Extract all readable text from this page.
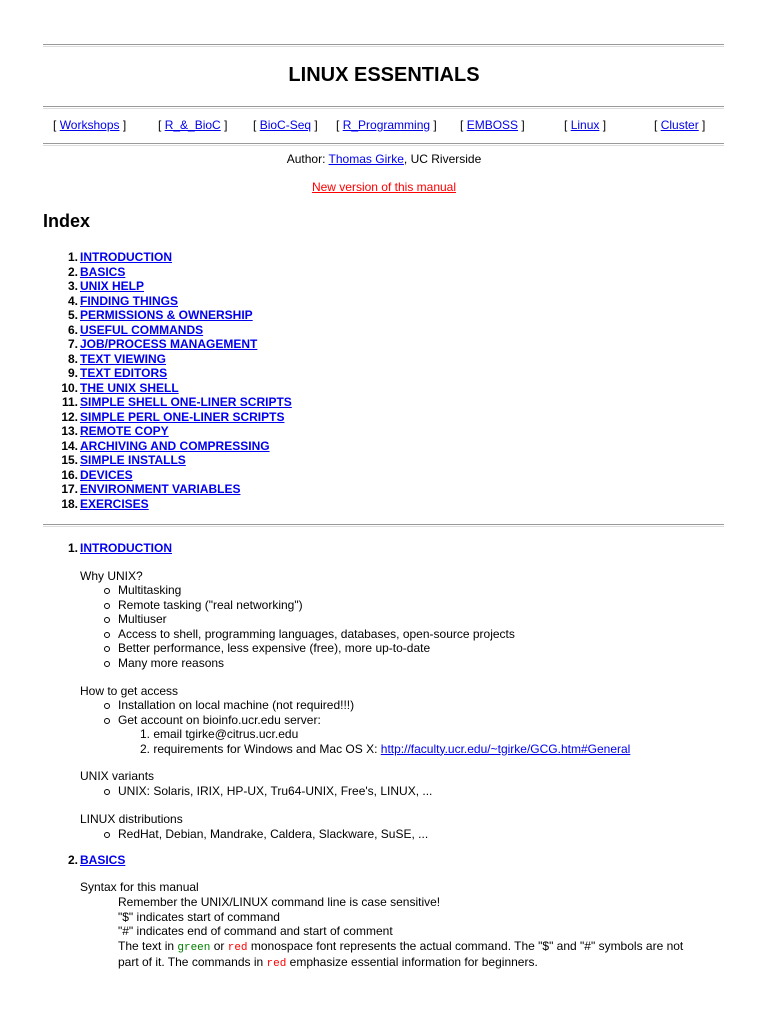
LINUX ESSENTIALS
[ Workshops ]	[ R_&_BioC ] [ BioC-Seq ] [ R_Programming ] [ EMBOSS ]	[ Linux ]	[ Cluster ]
Author: Thomas Girke, UC Riverside
New version of this manual
Index
1. INTRODUCTION
2. BASICS
3. UNIX HELP
4. FINDING THINGS
5. PERMISSIONS & OWNERSHIP
6. USEFUL COMMANDS
7. JOB/PROCESS MANAGEMENT
8. TEXT VIEWING
9. TEXT EDITORS
10. THE UNIX SHELL
11. SIMPLE SHELL ONE-LINER SCRIPTS
12. SIMPLE PERL ONE-LINER SCRIPTS
13. REMOTE COPY
14. ARCHIVING AND COMPRESSING
15. SIMPLE INSTALLS
16. DEVICES
17. ENVIRONMENT VARIABLES
18. EXERCISES
1. INTRODUCTION
Why UNIX?
Multitasking
Remote tasking ("real networking")
Multiuser
Access to shell, programming languages, databases, open-source projects
Better performance, less expensive (free), more up-to-date
Many more reasons
How to get access
Installation on local machine (not required!!!)
Get account on bioinfo.ucr.edu server:
1. email tgirke@citrus.ucr.edu
2. requirements for Windows and Mac OS X: http://faculty.ucr.edu/~tgirke/GCG.htm#General
UNIX variants
UNIX: Solaris, IRIX, HP-UX, Tru64-UNIX, Free's, LINUX, ...
LINUX distributions
RedHat, Debian, Mandrake, Caldera, Slackware, SuSE, ...
2. BASICS
Syntax for this manual
Remember the UNIX/LINUX command line is case sensitive!
"$" indicates start of command
"#" indicates end of command and start of comment
The text in green or red monospace font represents the actual command. The "$" and "#" symbols are not
part of it. The commands in red emphasize essential information for beginners.
